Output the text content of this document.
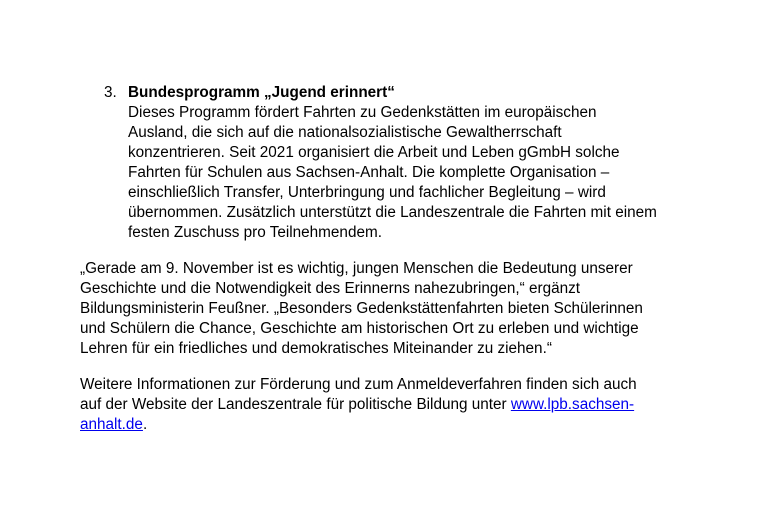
3. Bundesprogramm „Jugend erinnert“
Dieses Programm fördert Fahrten zu Gedenkstätten im europäischen
Ausland, die sich auf die nationalsozialistische Gewaltherrschaft
konzentrieren. Seit 2021 organisiert die Arbeit und Leben gGmbH solche
Fahrten für Schulen aus Sachsen-Anhalt. Die komplette Organisation –
einschließlich Transfer, Unterbringung und fachlicher Begleitung – wird
übernommen. Zusätzlich unterstützt die Landeszentrale die Fahrten mit einem
festen Zuschuss pro Teilnehmendem.
„Gerade am 9. November ist es wichtig, jungen Menschen die Bedeutung unserer
Geschichte und die Notwendigkeit des Erinnerns nahezubringen,“ ergänzt
Bildungsministerin Feußner. „Besonders Gedenkstättenfahrten bieten Schülerinnen
und Schülern die Chance, Geschichte am historischen Ort zu erleben und wichtige
Lehren für ein friedliches und demokratisches Miteinander zu ziehen.“
Weitere Informationen zur Förderung und zum Anmeldeverfahren finden sich auch
auf der Website der Landeszentrale für politische Bildung unter www.lpb.sachsen-
anhalt.de.
